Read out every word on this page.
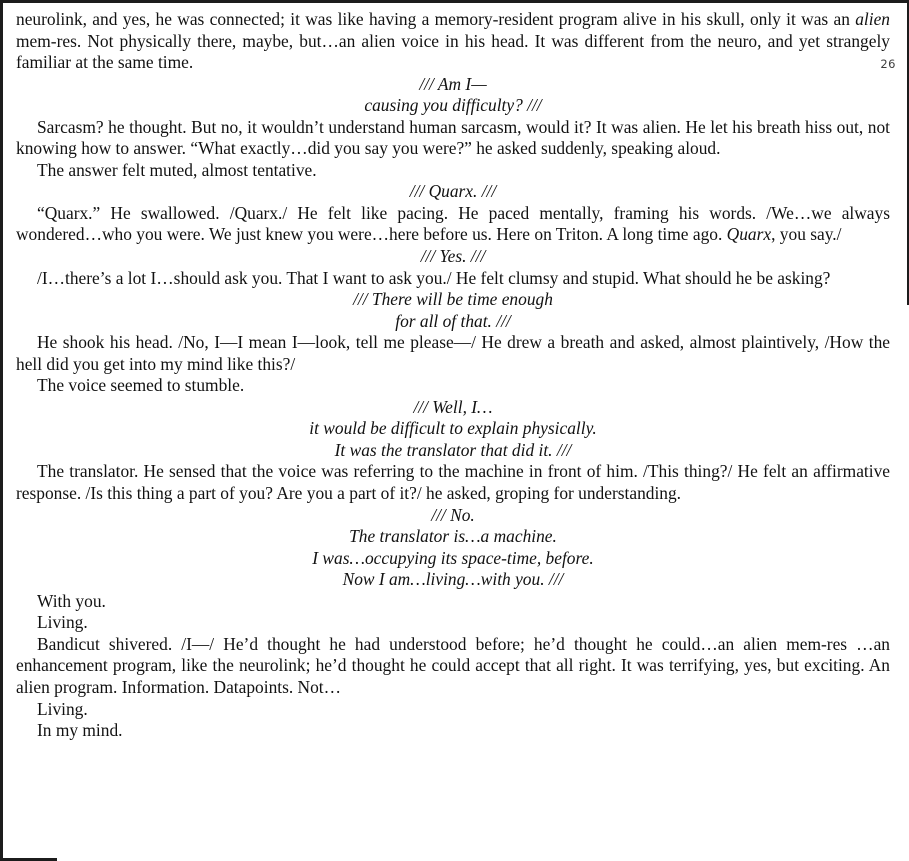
26

neurolink, and yes, he was connected; it was like having a memory-resident program alive in his skull, only it was an alien mem-res. Not physically there, maybe, but…an alien voice in his head. It was different from the neuro, and yet strangely familiar at the same time.

/// Am I—
causing you difficulty? ///

Sarcasm? he thought. But no, it wouldn’t understand human sarcasm, would it? It was alien. He let his breath hiss out, not knowing how to answer. “What exactly…did you say you were?” he asked suddenly, speaking aloud.

The answer felt muted, almost tentative.

/// Quarx. ///

“Quarx.” He swallowed. /Quarx./ He felt like pacing. He paced mentally, framing his words. /We…we always wondered…who you were. We just knew you were…here before us. Here on Triton. A long time ago. Quarx, you say./

/// Yes. ///

/I…there’s a lot I…should ask you. That I want to ask you./ He felt clumsy and stupid. What should he be asking?

/// There will be time enough
for all of that. ///

He shook his head. /No, I—I mean I—look, tell me please—/ He drew a breath and asked, almost plaintively, /How the hell did you get into my mind like this?/

The voice seemed to stumble.

/// Well, I…
it would be difficult to explain physically.
It was the translator that did it. ///

The translator. He sensed that the voice was referring to the machine in front of him. /This thing?/ He felt an affirmative response. /Is this thing a part of you? Are you a part of it?/ he asked, groping for understanding.

/// No.
The translator is…a machine.
I was…occupying its space-time, before.
Now I am…living…with you. ///

With you.

Living.

Bandicut shivered. /I—/ He’d thought he had understood before; he’d thought he could…an alien mem-res …an enhancement program, like the neurolink; he’d thought he could accept that all right. It was terrifying, yes, but exciting. An alien program. Information. Datapoints. Not…

Living.

In my mind.
